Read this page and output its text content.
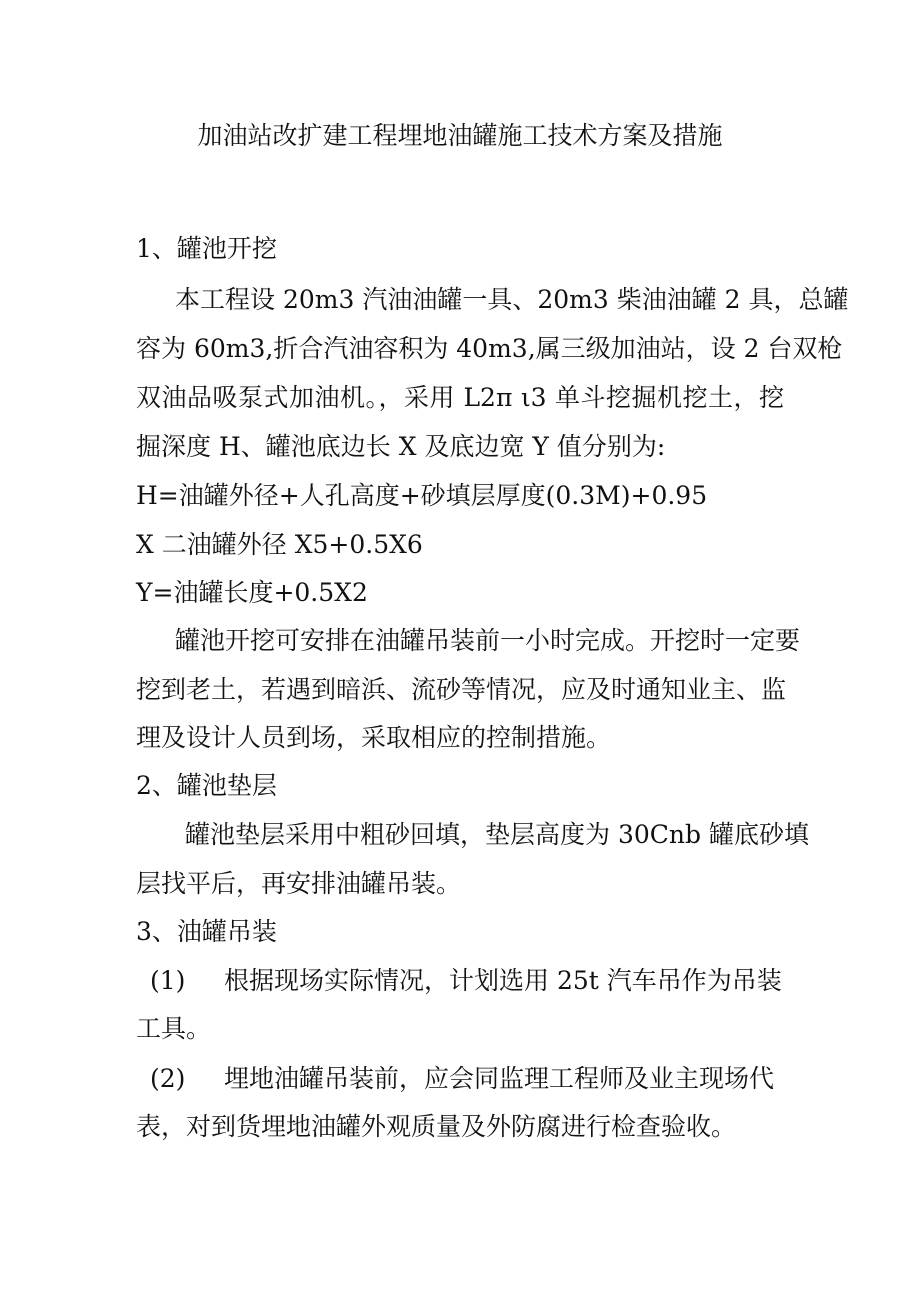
加油站改扩建工程埋地油罐施工技术方案及措施
1、罐池开挖
本工程设 20m3 汽油油罐一具、20m3 柴油油罐 2 具，总罐
容为 60m3,折合汽油容积为 40m3,属三级加油站，设 2 台双枪
双油品吸泵式加油机。，采用 L2π ι3 单斗挖掘机挖土，挖
掘深度 H、罐池底边长 X 及底边宽 Y 值分别为:
H=油罐外径+人孔高度+砂填层厚度(0.3M)+0.95
X 二油罐外径 X5+0.5X6
Y=油罐长度+0.5X2
罐池开挖可安排在油罐吊装前一小时完成。开挖时一定要
挖到老土，若遇到暗浜、流砂等情况，应及时通知业主、监
理及设计人员到场，采取相应的控制措施。
2、罐池垫层
罐池垫层采用中粗砂回填，垫层高度为 30Cnb 罐底砂填
层找平后，再安排油罐吊装。
3、油罐吊装
(1) 根据现场实际情况，计划选用 25t 汽车吊作为吊装
工具。
(2) 埋地油罐吊装前，应会同监理工程师及业主现场代
表，对到货埋地油罐外观质量及外防腐进行检查验收。
